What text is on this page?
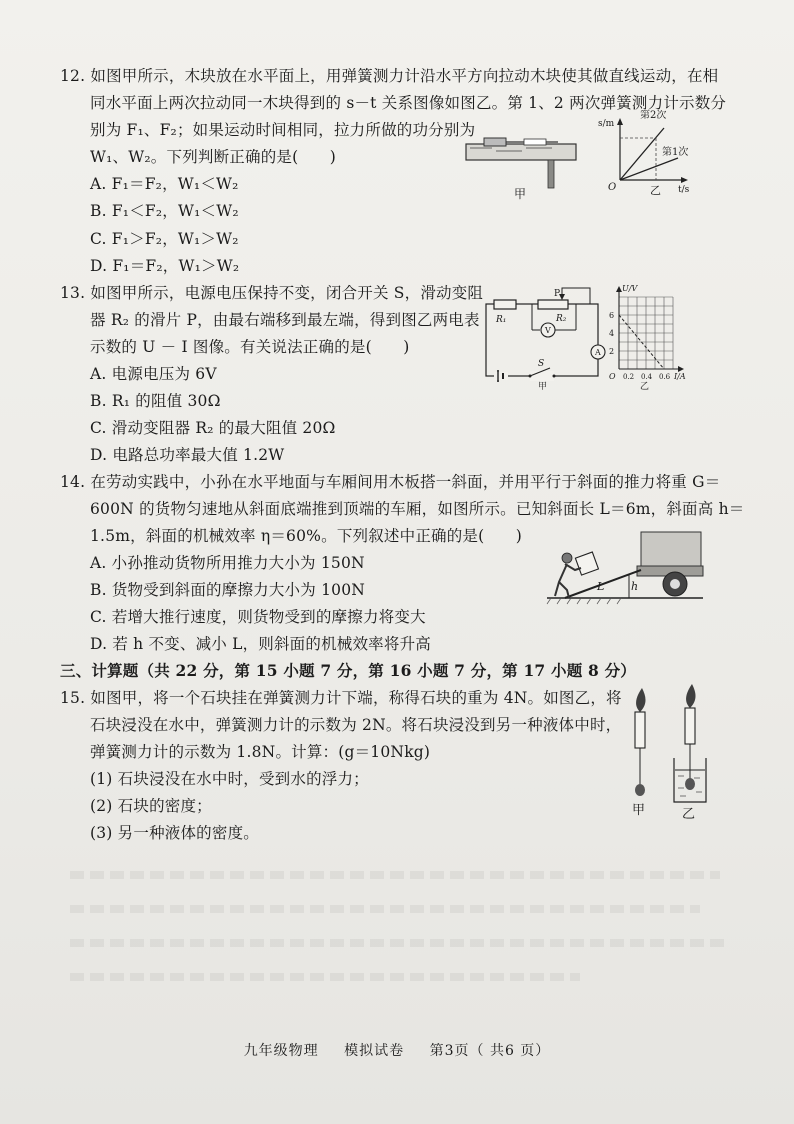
12. 如图甲所示，木块放在水平面上，用弹簧测力计沿水平方向拉动木块使其做直线运动，在相
同水平面上两次拉动同一木块得到的 s－t 关系图像如图乙。第 1、2 两次弹簧测力计示数分
别为 F₁、F₂；如果运动时间相同，拉力所做的功分别为
W₁、W₂。下列判断正确的是(　　)
A. F₁＝F₂，W₁＜W₂
B. F₁＜F₂，W₁＜W₂
C. F₁＞F₂，W₁＞W₂
D. F₁＝F₂，W₁＞W₂
甲
s/m
第2次
第1次
O	t/s
乙
13. 如图甲所示，电源电压保持不变，闭合开关 S，滑动变阻
器 R₂ 的滑片 P，由最右端移到最左端，得到图乙两电表
示数的 U － I 图像。有关说法正确的是(　　)
A. 电源电压为 6V
B. R₁ 的阻值 30Ω
C. 滑动变阻器 R₂ 的最大阻值 20Ω
D. 电路总功率最大值 1.2W
R₁	R₂
P
V
A
S
甲
U/V
6
4
2
O 0.2 0.4 0.6 I/A
乙
14. 在劳动实践中，小孙在水平地面与车厢间用木板搭一斜面，并用平行于斜面的推力将重 G＝
600N 的货物匀速地从斜面底端推到顶端的车厢，如图所示。已知斜面长 L＝6m，斜面高 h＝
1.5m，斜面的机械效率 η＝60%。下列叙述中正确的是(　　)
A. 小孙推动货物所用推力大小为 150N
B. 货物受到斜面的摩擦力大小为 100N
C. 若增大推行速度，则货物受到的摩擦力将变大
D. 若 h 不变、减小 L，则斜面的机械效率将升高
L h
三、计算题（共 22 分，第 15 小题 7 分，第 16 小题 7 分，第 17 小题 8 分）
15. 如图甲，将一个石块挂在弹簧测力计下端，称得石块的重为 4N。如图乙，将
石块浸没在水中，弹簧测力计的示数为 2N。将石块浸没到另一种液体中时，
弹簧测力计的示数为 1.8N。计算：(g＝10Nkg)
(1) 石块浸没在水中时，受到水的浮力；
(2) 石块的密度；
(3) 另一种液体的密度。
甲	乙
九年级物理 模拟试卷 第3页（ 共6 页）
